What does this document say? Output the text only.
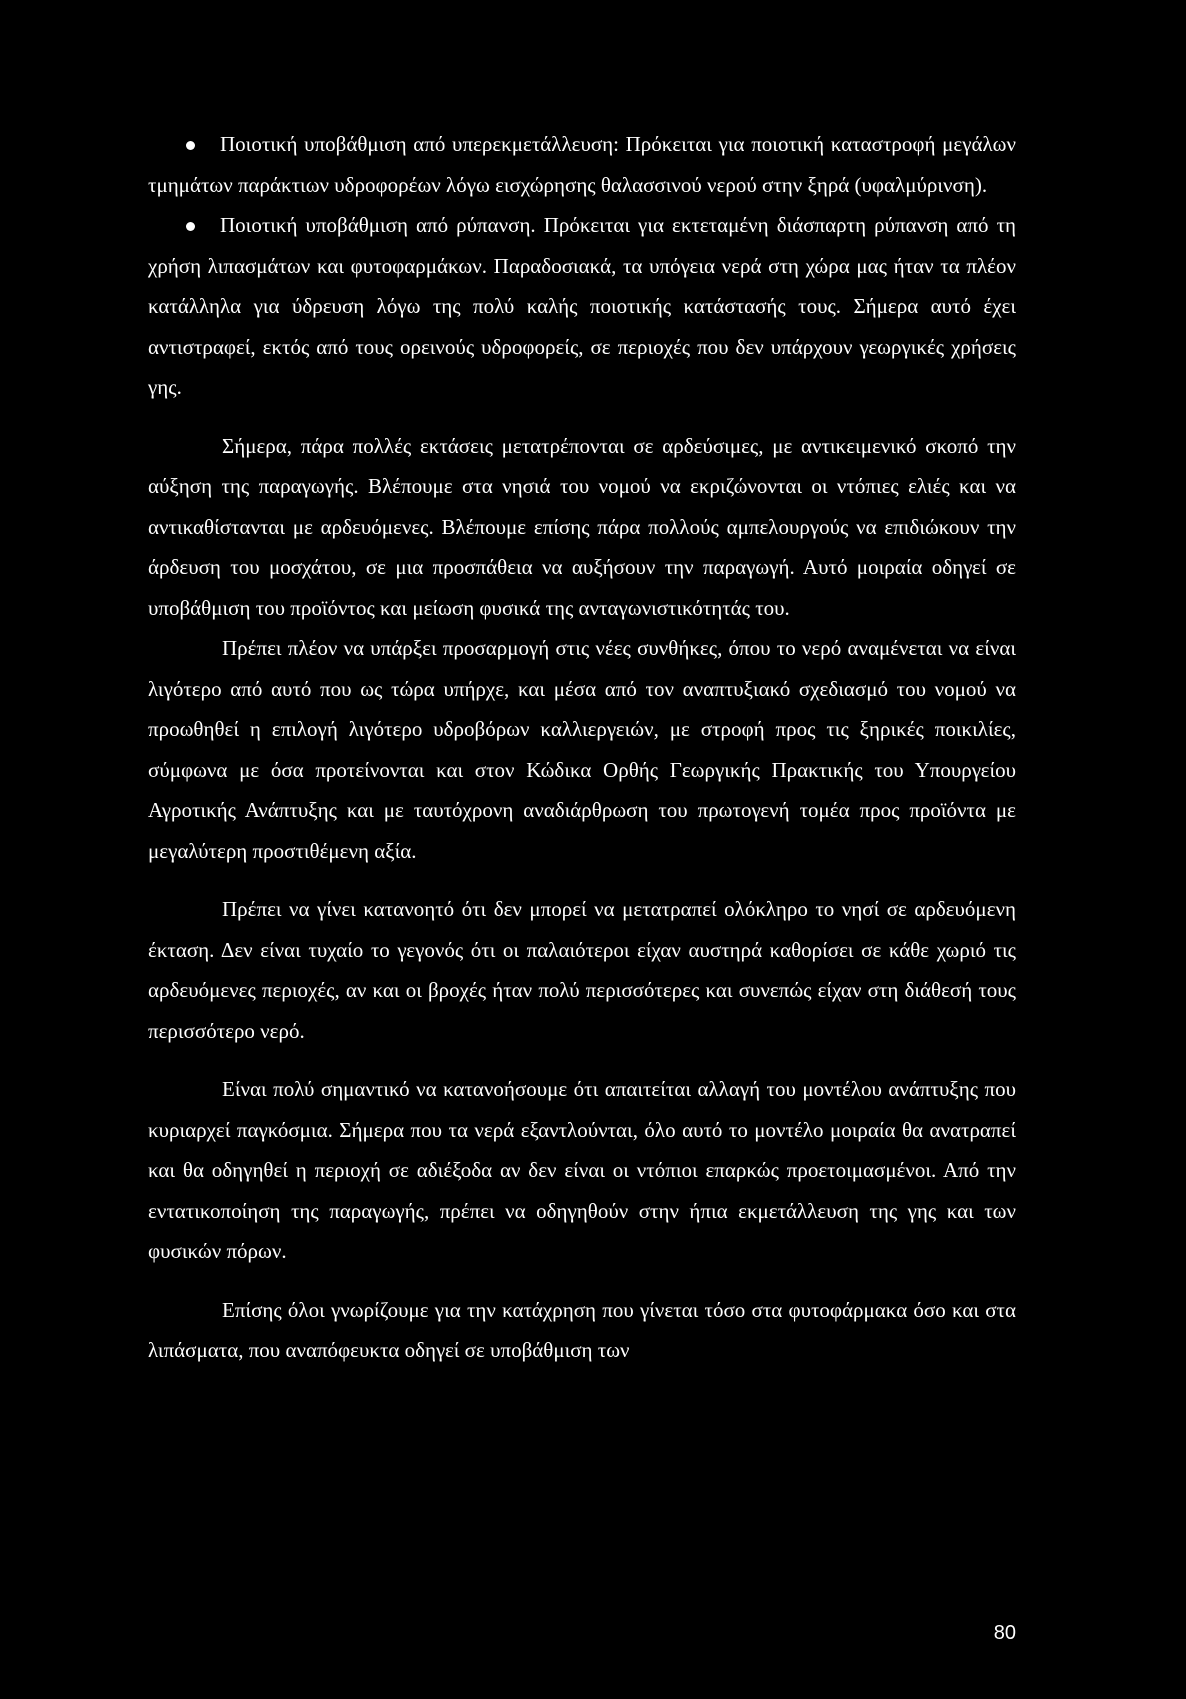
Ποιοτική υποβάθμιση από υπερεκμετάλλευση: Πρόκειται για ποιοτική καταστροφή μεγάλων τμημάτων παράκτιων υδροφορέων λόγω εισχώρησης θαλασσινού νερού στην ξηρά (υφαλμύρινση).
Ποιοτική υποβάθμιση από ρύπανση. Πρόκειται για εκτεταμένη διάσπαρτη ρύπανση από τη χρήση λιπασμάτων και φυτοφαρμάκων. Παραδοσιακά, τα υπόγεια νερά στη χώρα μας ήταν τα πλέον κατάλληλα για ύδρευση λόγω της πολύ καλής ποιοτικής κατάστασής τους. Σήμερα αυτό έχει αντιστραφεί, εκτός από τους ορεινούς υδροφορείς, σε περιοχές που δεν υπάρχουν γεωργικές χρήσεις γης.

Σήμερα, πάρα πολλές εκτάσεις μετατρέπονται σε αρδεύσιμες, με αντικειμενικό σκοπό την αύξηση της παραγωγής. Βλέπουμε στα νησιά του νομού να εκριζώνονται οι ντόπιες ελιές και να αντικαθίστανται με αρδευόμενες. Βλέπουμε επίσης πάρα πολλούς αμπελουργούς να επιδιώκουν την άρδευση του μοσχάτου, σε μια προσπάθεια να αυξήσουν την παραγωγή. Αυτό μοιραία οδηγεί σε υποβάθμιση του προϊόντος και μείωση φυσικά της ανταγωνιστικότητάς του.

Πρέπει πλέον να υπάρξει προσαρμογή στις νέες συνθήκες, όπου το νερό αναμένεται να είναι λιγότερο από αυτό που ως τώρα υπήρχε, και μέσα από τον αναπτυξιακό σχεδιασμό του νομού να προωθηθεί η επιλογή λιγότερο υδροβόρων καλλιεργειών, με στροφή προς τις ξηρικές ποικιλίες, σύμφωνα με όσα προτείνονται και στον Κώδικα Ορθής Γεωργικής Πρακτικής του Υπουργείου Αγροτικής Ανάπτυξης και με ταυτόχρονη αναδιάρθρωση του πρωτογενή τομέα προς προϊόντα με μεγαλύτερη προστιθέμενη αξία.

Πρέπει να γίνει κατανοητό ότι δεν μπορεί να μετατραπεί ολόκληρο το νησί σε αρδευόμενη έκταση. Δεν είναι τυχαίο το γεγονός ότι οι παλαιότεροι είχαν αυστηρά καθορίσει σε κάθε χωριό τις αρδευόμενες περιοχές, αν και οι βροχές ήταν πολύ περισσότερες και συνεπώς είχαν στη διάθεσή τους περισσότερο νερό.

Είναι πολύ σημαντικό να κατανοήσουμε ότι απαιτείται αλλαγή του μοντέλου ανάπτυξης που κυριαρχεί παγκόσμια. Σήμερα που τα νερά εξαντλούνται, όλο αυτό το μοντέλο μοιραία θα ανατραπεί και θα οδηγηθεί η περιοχή σε αδιέξοδα αν δεν είναι οι ντόπιοι επαρκώς προετοιμασμένοι. Από την εντατικοποίηση της παραγωγής, πρέπει να οδηγηθούν στην ήπια εκμετάλλευση της γης και των φυσικών πόρων.

Επίσης όλοι γνωρίζουμε για την κατάχρηση που γίνεται τόσο στα φυτοφάρμακα όσο και στα λιπάσματα, που αναπόφευκτα οδηγεί σε υποβάθμιση των

80
